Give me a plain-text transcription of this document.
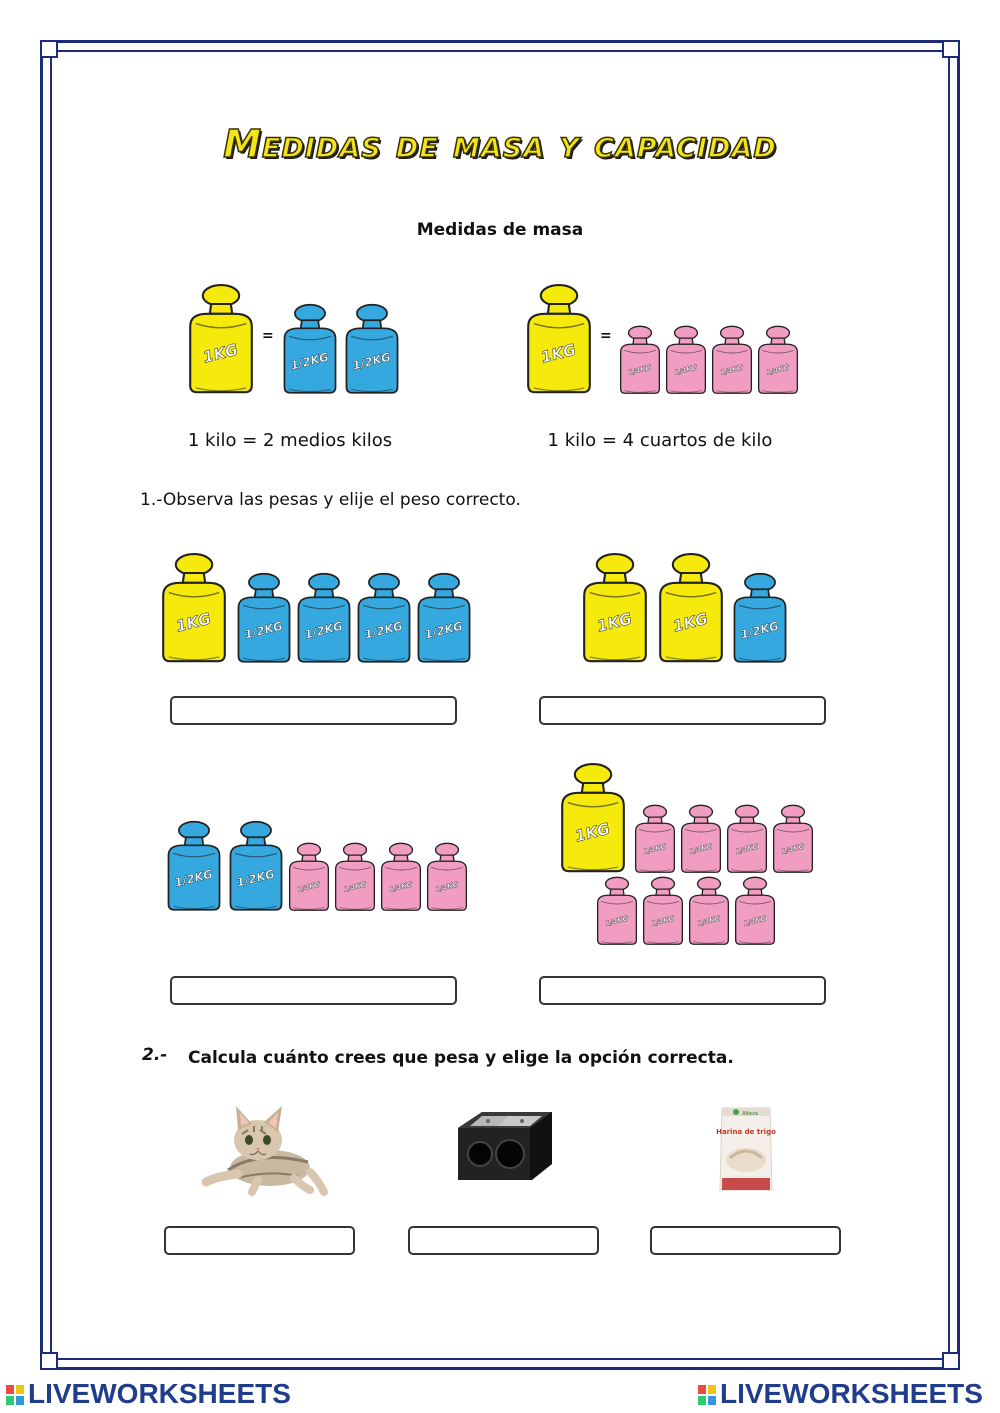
Medidas de masa y capacidad
Medidas de masa
1KG
=
1/2KG 1/2KG	1KG
=
1/4KG 1/4KG 1/4KG 1/4KG
1 kilo = 2 medios kilos	1 kilo = 4 cuartos de kilo
1.-Observa las pesas y elije el peso correcto.
1KG 1/2KG 1/2KG 1/2KG 1/2KG	1KG 1KG 1/2KG
1/2KG 1/2KG 1/4KG 1/4KG 1/4KG 1/4KG
1KG
1/4KG 1/4KG 1/4KG 1/4KG
1/4KG 1/4KG 1/4KG 1/4KG
2.- Calcula cuánto crees que pesa y elige la opción correcta.
Alteza
Harina de trigo
LIVEWORKSHEETS	LIVEWORKSHEETS
